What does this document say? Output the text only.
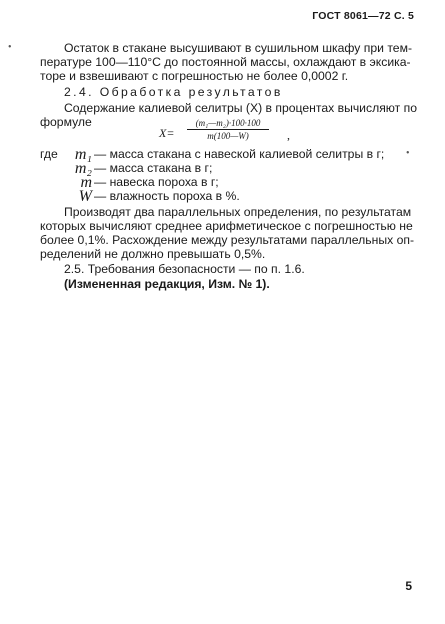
ГОСТ 8061—72 С. 5
•
•
Остаток в стакане высушивают в сушильном шкафу при тем-
пературе 100—110°С до постоянной массы, охлаждают в эксика-
торе и взвешивают с погрешностью не более 0,0002 г.
2.4. Обработка результатов
Содержание калиевой селитры (X) в процентах вычисляют по
формуле
$X= \frac{\text{(m₁—m₂)·100·100}}{m(100—W)}$ ,
где	m₁ — масса стакана с навеской калиевой селитры в г;
m₂ — масса стакана в г;
m — навеска пороха в г;
W — влажность пороха в %.
Производят два параллельных определения, по результатам
которых вычисляют среднее арифметическое с погрешностью не
более 0,1%. Расхождение между результатами параллельных оп-
ределений не должно превышать 0,5%.
2.5. Требования безопасности — по п. 1.6.
(Измененная редакция, Изм. № 1).
5
